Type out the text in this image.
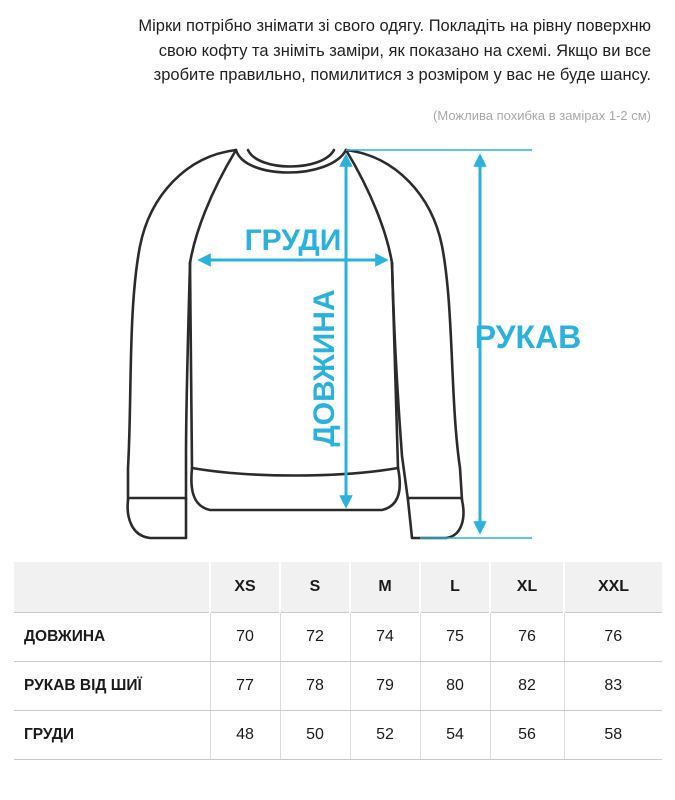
Мірки потрібно знімати зі свого одягу. Покладіть на рівну поверхню
свою кофту та зніміть заміри, як показано на схемі. Якщо ви все
зробите правильно, помилитися з розміром у вас не буде шансу.
(Можлива похибка в замірах 1-2 см)
ГРУДИ
ДОВЖИНА	РУКАВ
	XS	S	M	L	XL	XXL
ДОВЖИНА	70	72	74	75	76	76
РУКАВ ВІД ШИЇ	77	78	79	80	82	83
ГРУДИ	48	50	52	54	56	58
